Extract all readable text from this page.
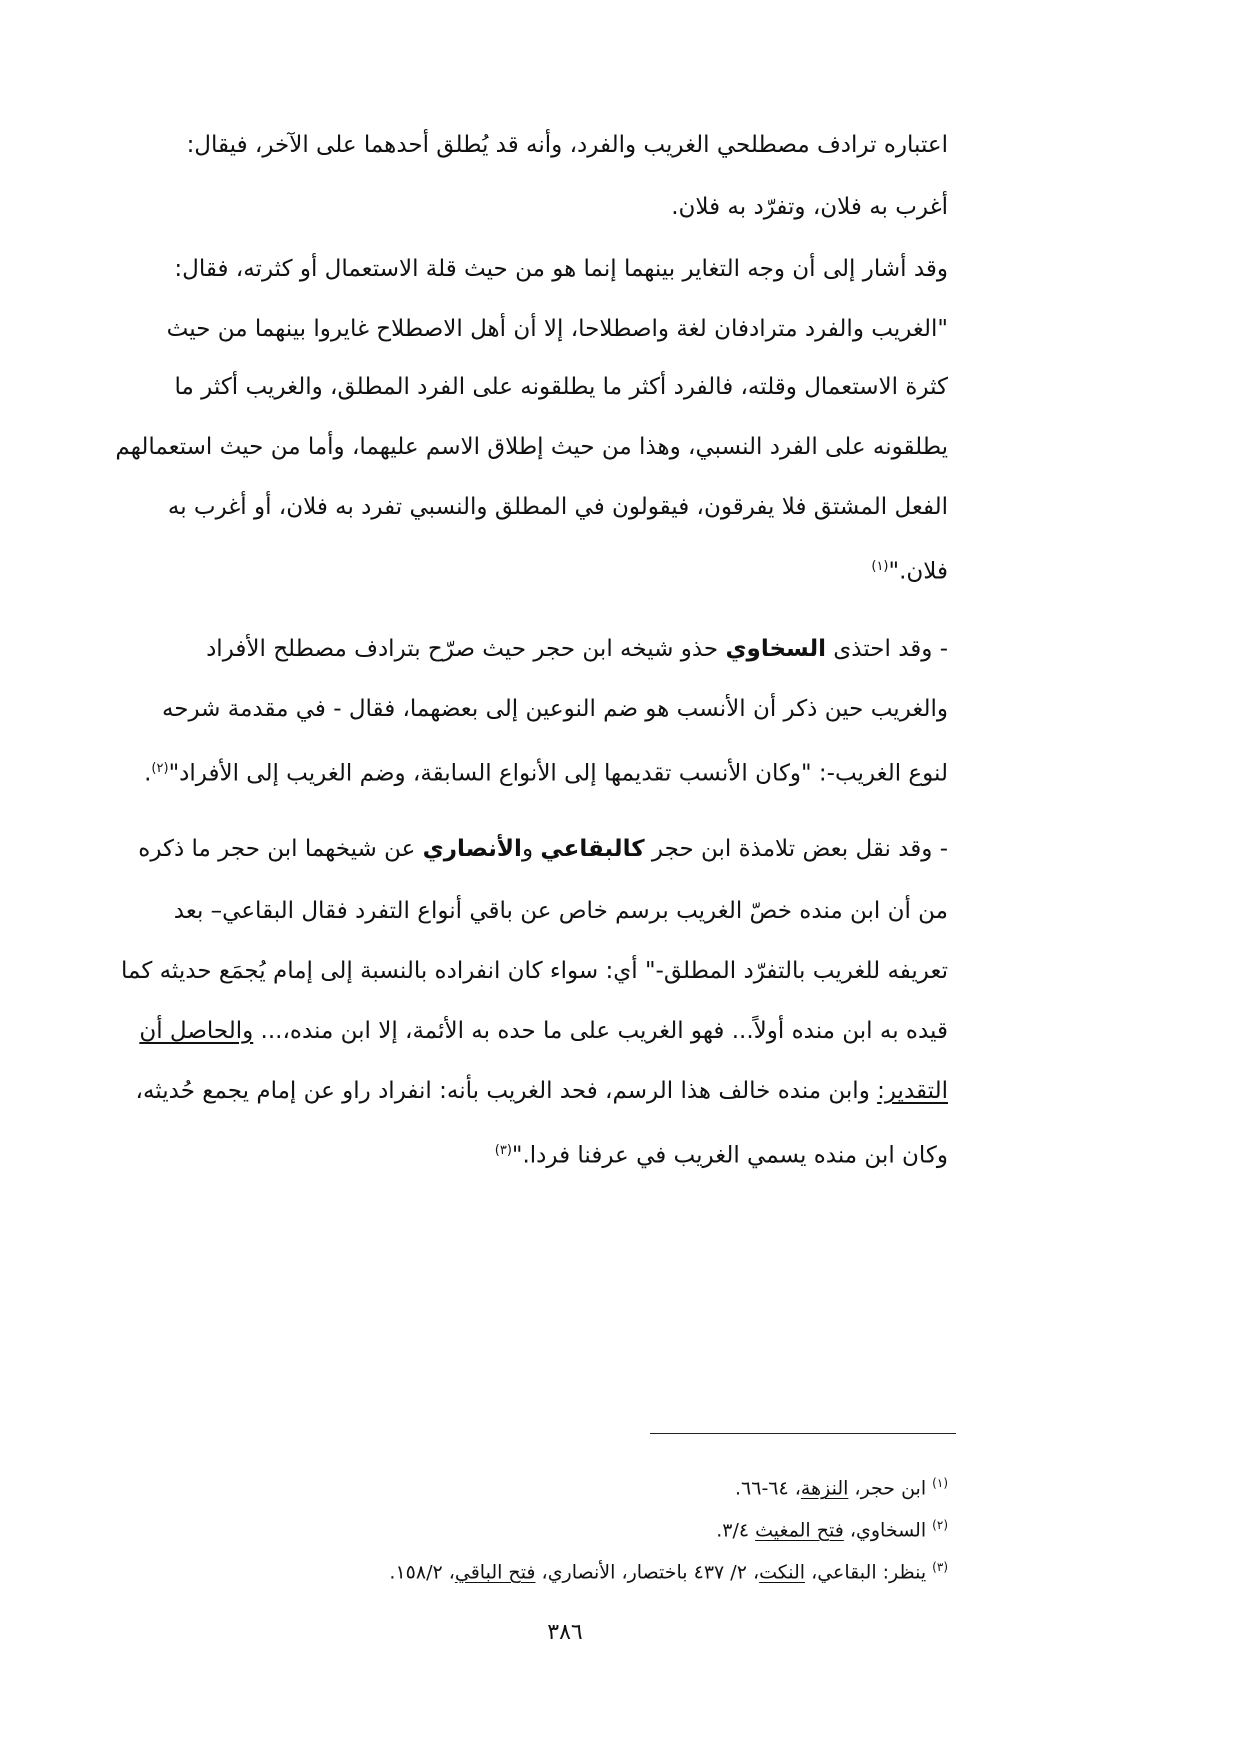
اعتباره ترادف مصطلحي الغريب والفرد، وأنه قد يُطلق أحدهما على الآخر، فيقال:
أغرب به فلان، وتفرّد به فلان.
وقد أشار إلى أن وجه التغاير بينهما إنما هو من حيث قلة الاستعمال أو كثرته، فقال:
"الغريب والفرد مترادفان لغة واصطلاحا، إلا أن أهل الاصطلاح غايروا بينهما من حيث
كثرة الاستعمال وقلته، فالفرد أكثر ما يطلقونه على الفرد المطلق، والغريب أكثر ما
يطلقونه على الفرد النسبي، وهذا من حيث إطلاق الاسم عليهما، وأما من حيث استعمالهم
الفعل المشتق فلا يفرقون، فيقولون في المطلق والنسبي تفرد به فلان، أو أغرب به
فلان."$^{(١)}$
- وقد احتذى السخاوي حذو شيخه ابن حجر حيث صرّح بترادف مصطلح الأفراد
والغريب حين ذكر أن الأنسب هو ضم النوعين إلى بعضهما، فقال - في مقدمة شرحه
لنوع الغريب-: "وكان الأنسب تقديمها إلى الأنواع السابقة، وضم الغريب إلى الأفراد"$^{(٢)}$.
- وقد نقل بعض تلامذة ابن حجر كالبقاعي والأنصاري عن شيخهما ابن حجر ما ذكره
من أن ابن منده خصّ الغريب برسم خاص عن باقي أنواع التفرد فقال البقاعي– بعد
تعريفه للغريب بالتفرّد المطلق-" أي: سواء كان انفراده بالنسبة إلى إمام يُجمَع حديثه كما
قيده به ابن منده أولاً... فهو الغريب على ما حده به الأئمة، إلا ابن منده،... والحاصل أن
التقدير: وابن منده خالف هذا الرسم، فحد الغريب بأنه: انفراد راو عن إمام يجمع حُديثه،
وكان ابن منده يسمي الغريب في عرفنا فردا."$^{(٣)}$
$^{(١)}$ ابن حجر، النزهة، ٦٤-٦٦.
$^{(٢)}$ السخاوي، فتح المغيث ٣/٤.
$^{(٣)}$ ينظر: البقاعي، النكت، ٢/ ٤٣٧ باختصار، الأنصاري، فتح الباقي، ١٥٨/٢.
٣٨٦
